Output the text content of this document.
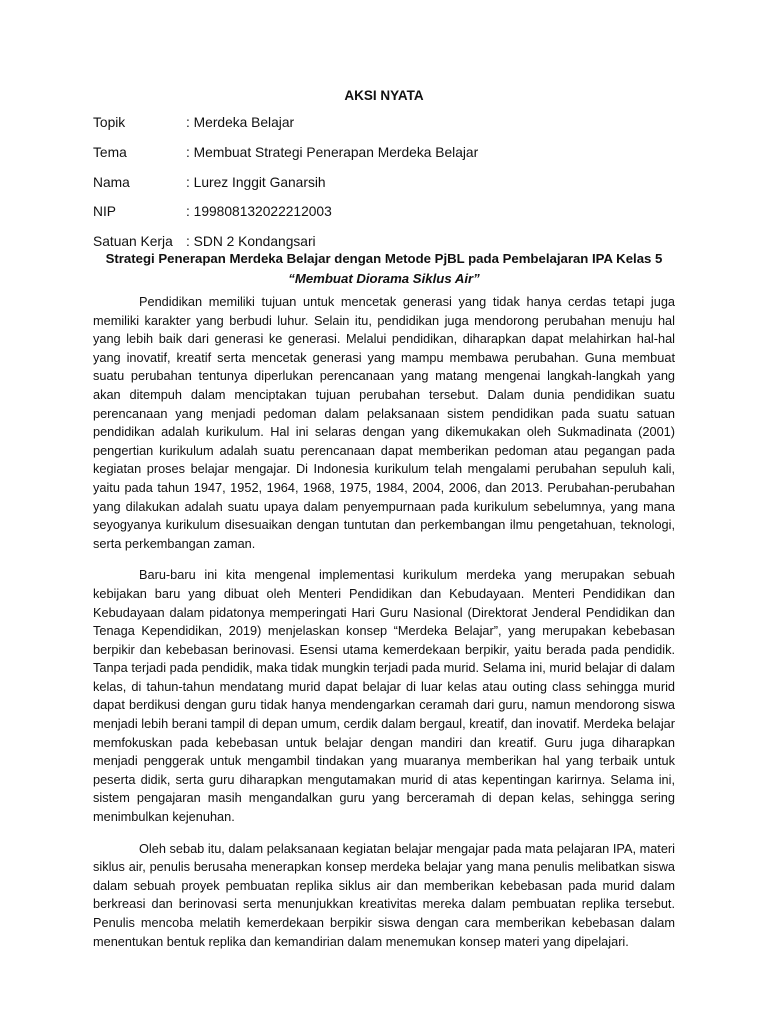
AKSI NYATA
Topik	: Merdeka Belajar
Tema	: Membuat Strategi Penerapan Merdeka Belajar
Nama	: Lurez Inggit Ganarsih
NIP	: 199808132022212003
Satuan Kerja : SDN 2 Kondangsari
Strategi Penerapan Merdeka Belajar dengan Metode PjBL pada Pembelajaran IPA Kelas 5
“Membuat Diorama Siklus Air”

Pendidikan memiliki tujuan untuk mencetak generasi yang tidak hanya cerdas tetapi juga memiliki karakter yang berbudi luhur. Selain itu, pendidikan juga mendorong perubahan menuju hal yang lebih baik dari generasi ke generasi. Melalui pendidikan, diharapkan dapat melahirkan hal-hal yang inovatif, kreatif serta mencetak generasi yang mampu membawa perubahan. Guna membuat suatu perubahan tentunya diperlukan perencanaan yang matang mengenai langkah-langkah yang akan ditempuh dalam menciptakan tujuan perubahan tersebut. Dalam dunia pendidikan suatu perencanaan yang menjadi pedoman dalam pelaksanaan sistem pendidikan pada suatu satuan pendidikan adalah kurikulum. Hal ini selaras dengan yang dikemukakan oleh Sukmadinata (2001) pengertian kurikulum adalah suatu perencanaan dapat memberikan pedoman atau pegangan pada kegiatan proses belajar mengajar. Di Indonesia kurikulum telah mengalami perubahan sepuluh kali, yaitu pada tahun 1947, 1952, 1964, 1968, 1975, 1984, 2004, 2006, dan 2013. Perubahan-perubahan yang dilakukan adalah suatu upaya dalam penyempurnaan pada kurikulum sebelumnya, yang mana seyogyanya kurikulum disesuaikan dengan tuntutan dan perkembangan ilmu pengetahuan, teknologi, serta perkembangan zaman.

Baru-baru ini kita mengenal implementasi kurikulum merdeka yang merupakan sebuah kebijakan baru yang dibuat oleh Menteri Pendidikan dan Kebudayaan. Menteri Pendidikan dan Kebudayaan dalam pidatonya memperingati Hari Guru Nasional (Direktorat Jenderal Pendidikan dan Tenaga Kependidikan, 2019) menjelaskan konsep “Merdeka Belajar”, yang merupakan kebebasan berpikir dan kebebasan berinovasi. Esensi utama kemerdekaan berpikir, yaitu berada pada pendidik. Tanpa terjadi pada pendidik, maka tidak mungkin terjadi pada murid. Selama ini, murid belajar di dalam kelas, di tahun-tahun mendatang murid dapat belajar di luar kelas atau outing class sehingga murid dapat berdikusi dengan guru tidak hanya mendengarkan ceramah dari guru, namun mendorong siswa menjadi lebih berani tampil di depan umum, cerdik dalam bergaul, kreatif, dan inovatif. Merdeka belajar memfokuskan pada kebebasan untuk belajar dengan mandiri dan kreatif. Guru juga diharapkan menjadi penggerak untuk mengambil tindakan yang muaranya memberikan hal yang terbaik untuk peserta didik, serta guru diharapkan mengutamakan murid di atas kepentingan karirnya. Selama ini, sistem pengajaran masih mengandalkan guru yang berceramah di depan kelas, sehingga sering menimbulkan kejenuhan.

Oleh sebab itu, dalam pelaksanaan kegiatan belajar mengajar pada mata pelajaran IPA, materi siklus air, penulis berusaha menerapkan konsep merdeka belajar yang mana penulis melibatkan siswa dalam sebuah proyek pembuatan replika siklus air dan memberikan kebebasan pada murid dalam berkreasi dan berinovasi serta menunjukkan kreativitas mereka dalam pembuatan replika tersebut. Penulis mencoba melatih kemerdekaan berpikir siswa dengan cara memberikan kebebasan dalam menentukan bentuk replika dan kemandirian dalam menemukan konsep materi yang dipelajari.
